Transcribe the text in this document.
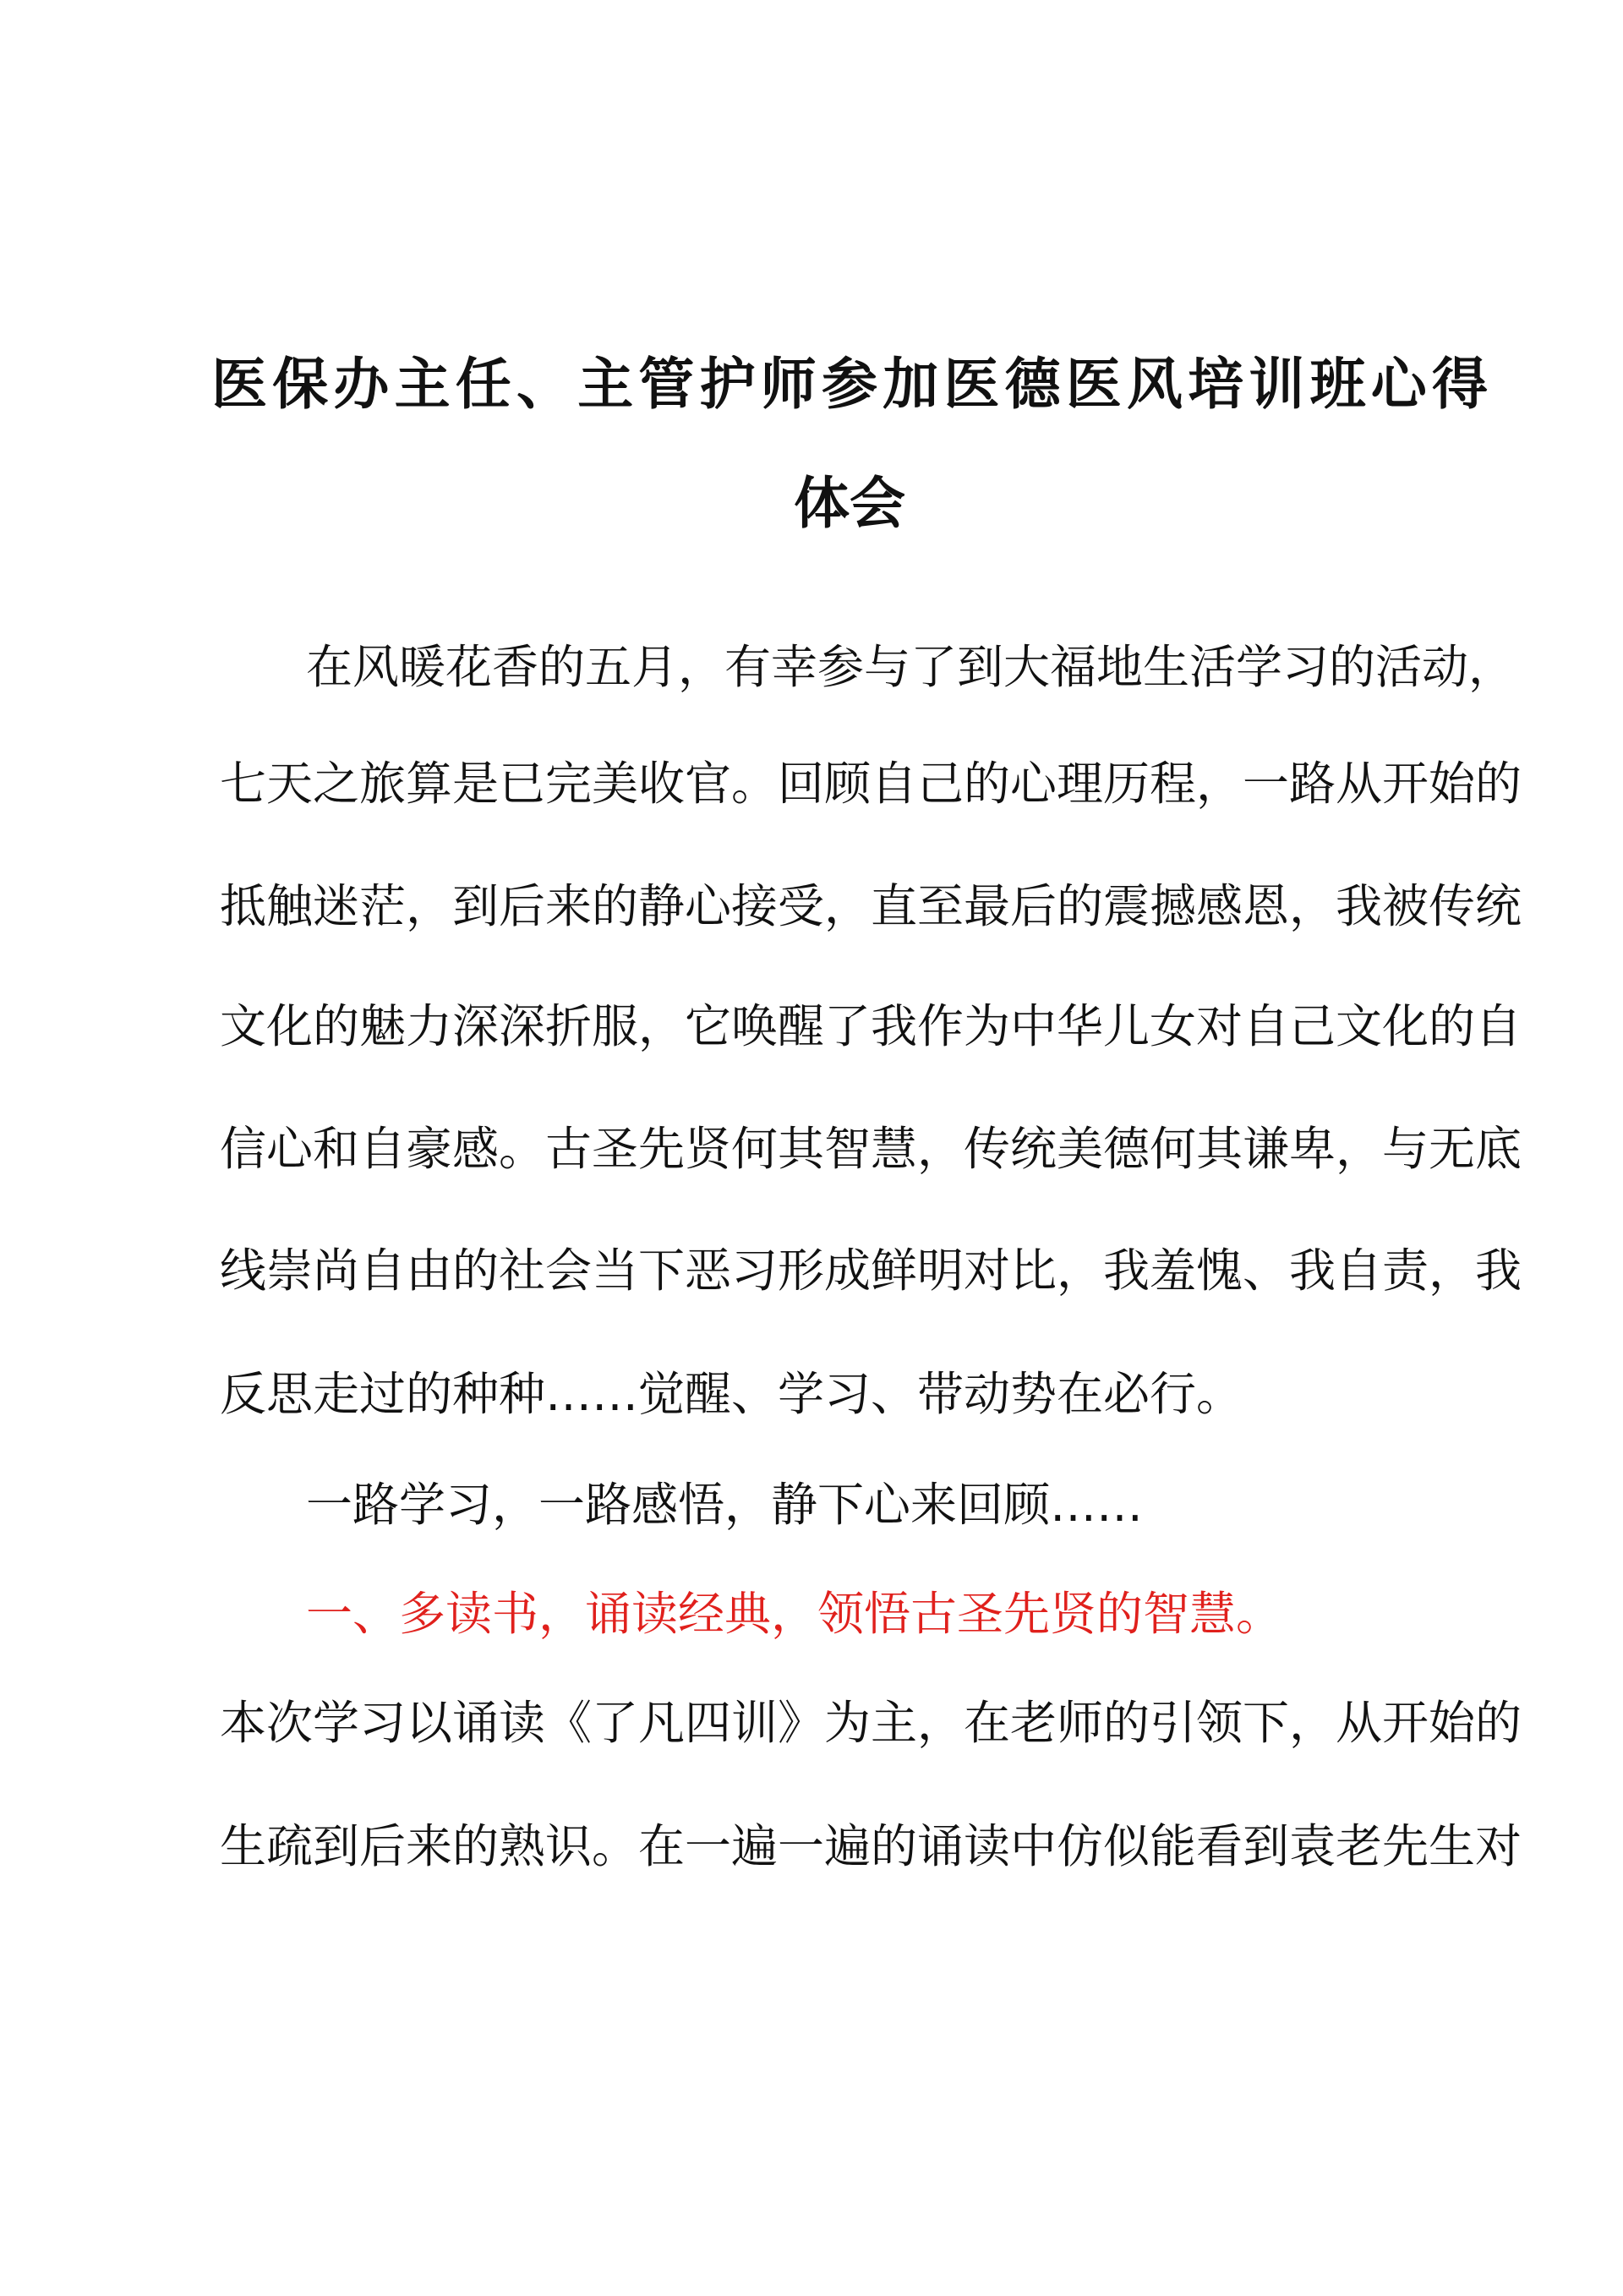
医保办主任、主管护师参加医德医风培训班心得
体会

在风暖花香的五月，有幸参与了到大福地生活学习的活动，

七天之旅算是已完美收官。回顾自己的心理历程，一路从开始的

抵触迷茫，到后来的静心接受，直至最后的震撼感恩，我被传统

文化的魅力深深折服，它唤醒了我作为中华儿女对自己文化的自

信心和自豪感。古圣先贤何其智慧，传统美德何其谦卑，与无底

线崇尚自由的社会当下恶习形成鲜明对比，我羞愧、我自责，我

反思走过的种种……觉醒、学习、带动势在必行。

一路学习，一路感悟，静下心来回顾……

一、多读书，诵读经典，领悟古圣先贤的智慧。

本次学习以诵读《了凡四训》为主，在老师的引领下，从开始的

生疏到后来的熟识。在一遍一遍的诵读中仿似能看到袁老先生对
